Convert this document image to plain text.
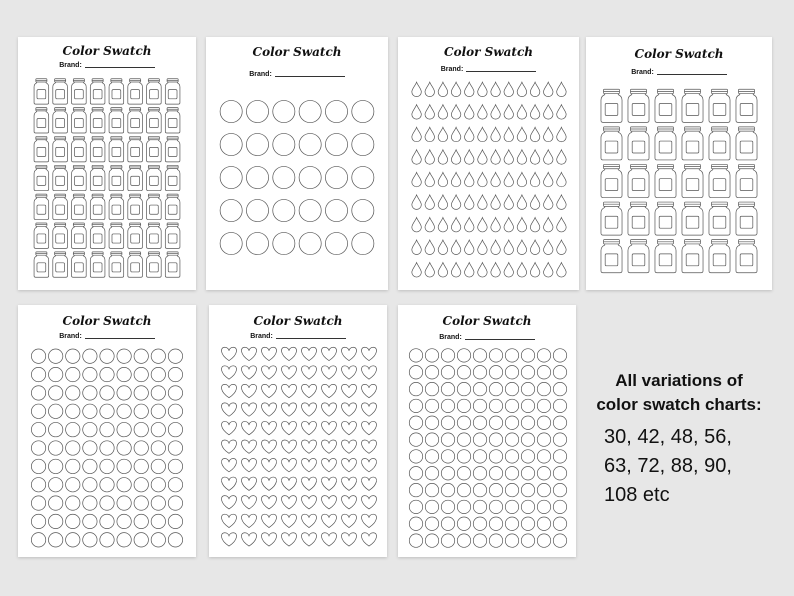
Color Swatch
Brand:
Color Swatch
Brand:
Color Swatch
Brand:
Color Swatch
Brand:
Color Swatch
Brand:
Color Swatch
Brand:
Color Swatch
Brand:
All variations of
color swatch charts:
30, 42, 48, 56,
63, 72, 88, 90,
108 etc
